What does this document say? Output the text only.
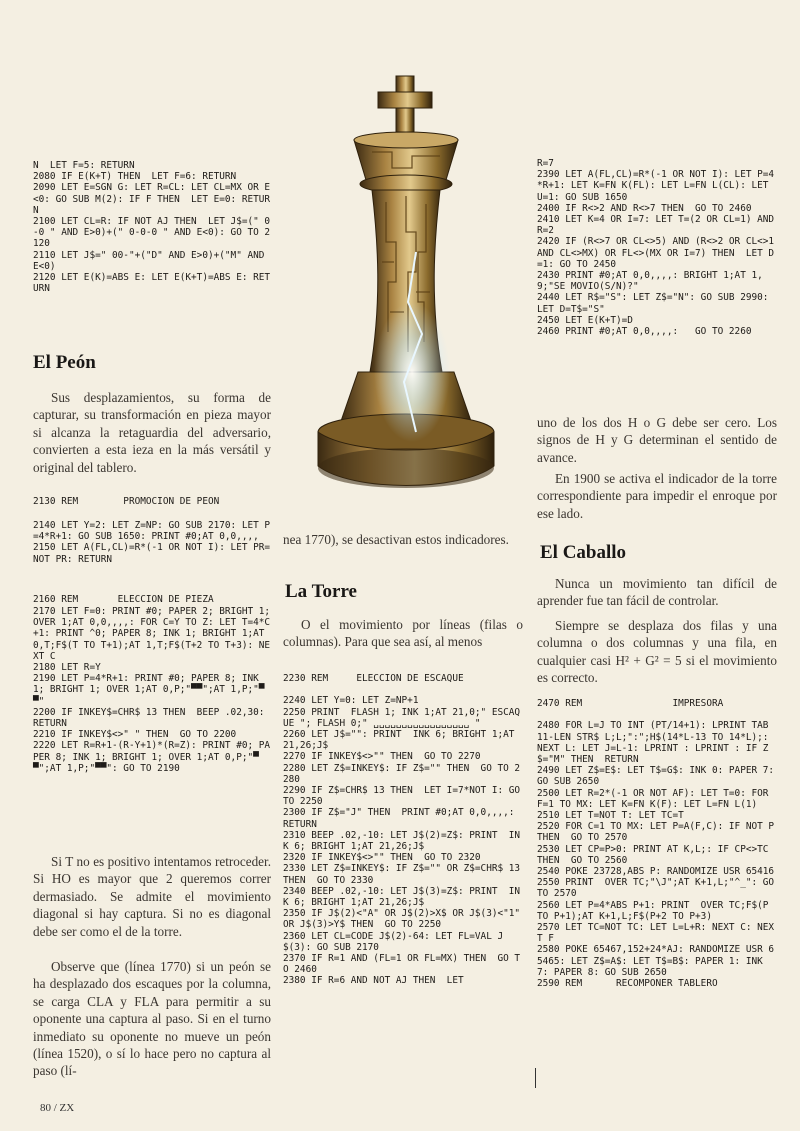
N  LET F=5: RETURN
2080 IF E(K+T) THEN  LET F=6: RETURN
2090 LET E=SGN G: LET R=CL: LET CL=MX OR E<0: GO SUB M(2): IF F THEN  LET E=0: RETURN
2100 LET CL=R: IF NOT AJ THEN  LET J$=(" 0-0 " AND E>0)+(" 0-0-0 " AND E<0): GO TO 2120
2110 LET J$=" 00-"+("D" AND E>0)+("M" AND E<0)
2120 LET E(K)=ABS E: LET E(K+T)=ABS E: RETURN
El Peón

Sus desplazamientos, su forma de capturar, su transformación en pieza mayor si alcanza la retaguardia del adversario, convierten a esta ieza en la más versátil y original del tablero.

2130 REM        PROMOCION DE PEON
2140 LET Y=2: LET Z=NP: GO SUB 2170: LET P=4*R+1: GO SUB 1650: PRINT #0;AT 0,0,,,,
2150 LET A(FL,CL)=R*(-1 OR NOT I): LET PR=NOT PR: RETURN
2160 REM       ELECCION DE PIEZA
2170 LET F=0: PRINT #0; PAPER 2; BRIGHT 1; OVER 1;AT 0,0,,,,: FOR C=Y TO Z: LET T=4*C+1: PRINT ^0; PAPER 8; INK 1; BRIGHT 1;AT 0,T;F$(T TO T+1);AT 1,T;F$(T+2 TO T+3): NEXT C
2180 LET R=Y
2190 LET P=4*R+1: PRINT #0; PAPER 8; INK 1; BRIGHT 1; OVER 1;AT 0,P;"▀▀";AT 1,P;"▀▀"
2200 IF INKEY$=CHR$ 13 THEN  BEEP .02,30: RETURN
2210 IF INKEY$<>" " THEN  GO TO 2200
2220 LET R=R+1-(R-Y+1)*(R=Z): PRINT #0; PAPER 8; INK 1; BRIGHT 1; OVER 1;AT 0,P;"▀▀";AT 1,P;"▀▀": GO TO 2190

Si T no es positivo intentamos retroceder. Si HO es mayor que 2 queremos correr dermasiado. Se admite el movimiento diagonal si hay captura. Si no es diagonal debe ser como el de la torre.

Observe que (línea 1770) si un peón se ha desplazado dos escaques por la columna, se carga CLA y FLA para permitir a su oponente una captura al paso. Si en el turno inmediato su oponente no mueve un peón (línea 1520), o sí lo hace pero no captura al paso (lí-

80 / ZX

nea 1770), se desactivan estos indicadores.

La Torre

O el movimiento por líneas (filas o columnas). Para que sea así, al menos

2230 REM     ELECCION DE ESCAQUE

2240 LET Y=0: LET Z=NP+1
2250 PRINT  FLASH 1; INK 1;AT 21,0;" ESCAQUE "; FLASH 0;" ␣␣␣␣␣␣␣␣␣␣␣␣␣␣␣␣␣ "
2260 LET J$="": PRINT  INK 6; BRIGHT 1;AT 21,26;J$
2270 IF INKEY$<>"" THEN  GO TO 2270
2280 LET Z$=INKEY$: IF Z$="" THEN  GO TO 2280
2290 IF Z$=CHR$ 13 THEN  LET I=7*NOT I: GO TO 2250
2300 IF Z$="J" THEN  PRINT #0;AT 0,0,,,,: RETURN
2310 BEEP .02,-10: LET J$(2)=Z$: PRINT  INK 6; BRIGHT 1;AT 21,26;J$
2320 IF INKEY$<>"" THEN  GO TO 2320
2330 LET Z$=INKEY$: IF Z$="" OR Z$=CHR$ 13 THEN  GO TO 2330
2340 BEEP .02,-10: LET J$(3)=Z$: PRINT  INK 6; BRIGHT 1;AT 21,26;J$
2350 IF J$(2)<"A" OR J$(2)>X$ OR J$(3)<"1" OR J$(3)>Y$ THEN  GO TO 2250
2360 LET CL=CODE J$(2)-64: LET FL=VAL J$(3): GO SUB 2170
2370 IF R=1 AND (FL=1 OR FL=MX) THEN  GO TO 2460
2380 IF R=6 AND NOT AJ THEN  LET
R=7
2390 LET A(FL,CL)=R*(-1 OR NOT I): LET P=4*R+1: LET K=FN K(FL): LET L=FN L(CL): LET U=1: GO SUB 1650
2400 IF R<>2 AND R<>7 THEN  GO TO 2460
2410 LET K=4 OR I=7: LET T=(2 OR CL=1) AND R=2
2420 IF (R<>7 OR CL<>5) AND (R<>2 OR CL<>1 AND CL<>MX) OR FL<>(MX OR I=7) THEN  LET D=1: GO TO 2450
2430 PRINT #0;AT 0,0,,,,: BRIGHT 1;AT 1,9;"SE MOVIO(S/N)?"
2440 LET R$="S": LET Z$="N": GO SUB 2990: LET D=T$="S"
2450 LET E(K+T)=D
2460 PRINT #0;AT 0,0,,,,:   GO TO 2260

uno de los dos H o G debe ser cero. Los signos de H y G determinan el sentido de avance.

En 1900 se activa el indicador de la torre correspondiente para impedir el enroque por ese lado.

El Caballo

Nunca un movimiento tan difícil de aprender fue tan fácil de controlar.

Siempre se desplaza dos filas y una columna o dos columnas y una fila, en cualquier casi H² + G² = 5 si el movimiento es correcto.

2470 REM                IMPRESORA

2480 FOR L=J TO INT (PT/14+1): LPRINT TAB 11-LEN STR$ L;L;":";H$(14*L-13 TO 14*L);: NEXT L: LET J=L-1: LPRINT : LPRINT : IF Z$="M" THEN  RETURN
2490 LET Z$=E$: LET T$=G$: INK 0: PAPER 7: GO SUB 2650
2500 LET R=2*(-1 OR NOT AF): LET T=0: FOR F=1 TO MX: LET K=FN K(F): LET L=FN L(1)
2510 LET T=NOT T: LET TC=T
2520 FOR C=1 TO MX: LET P=A(F,C): IF NOT P THEN  GO TO 2570
2530 LET CP=P>0: PRINT AT K,L;: IF CP<>TC THEN  GO TO 2560
2540 POKE 23728,ABS P: RANDOMIZE USR 65416
2550 PRINT  OVER TC;"\J";AT K+1,L;"^_": GO TO 2570
2560 LET P=4*ABS P+1: PRINT  OVER TC;F$(P TO P+1);AT K+1,L;F$(P+2 TO P+3)
2570 LET TC=NOT TC: LET L=L+R: NEXT C: NEXT F
2580 POKE 65467,152+24*AJ: RANDOMIZE USR 65465: LET Z$=A$: LET T$=B$: PAPER 1: INK 7: PAPER 8: GO SUB 2650
2590 REM      RECOMPONER TABLERO
